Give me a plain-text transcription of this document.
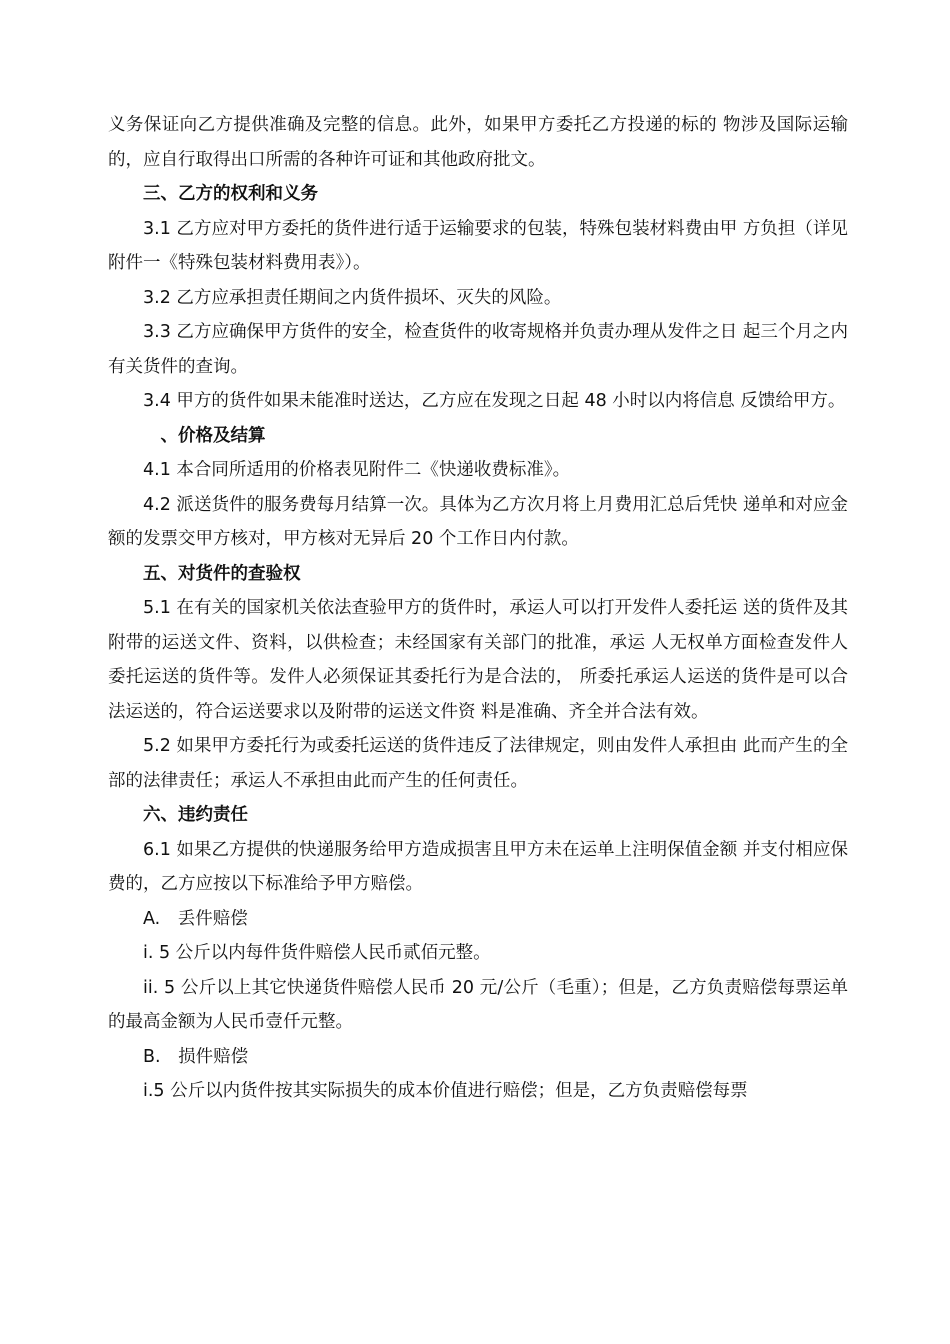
义务保证向乙方提供准确及完整的信息。此外，如果甲方委托乙方投递的标的 物涉及国际运输的，应自行取得出口所需的各种许可证和其他政府批文。

三、乙方的权利和义务

3.1 乙方应对甲方委托的货件进行适于运输要求的包装，特殊包装材料费由甲 方负担（详见附件一《特殊包装材料费用表》）。

3.2 乙方应承担责任期间之内货件损坏、灭失的风险。

3.3 乙方应确保甲方货件的安全，检查货件的收寄规格并负责办理从发件之日 起三个月之内有关货件的查询。

3.4 甲方的货件如果未能准时送达，乙方应在发现之日起 48 小时以内将信息 反馈给甲方。

　、价格及结算

4.1 本合同所适用的价格表见附件二《快递收费标准》。

4.2 派送货件的服务费每月结算一次。具体为乙方次月将上月费用汇总后凭快 递单和对应金额的发票交甲方核对，甲方核对无异后 20 个工作日内付款。

五、对货件的查验权

5.1 在有关的国家机关依法查验甲方的货件时，承运人可以打开发件人委托运 送的货件及其附带的运送文件、资料，以供检查；未经国家有关部门的批准，承运 人无权单方面检查发件人委托运送的货件等。发件人必须保证其委托行为是合法的， 所委托承运人运送的货件是可以合法运送的，符合运送要求以及附带的运送文件资 料是准确、齐全并合法有效。

5.2 如果甲方委托行为或委托运送的货件违反了法律规定，则由发件人承担由 此而产生的全部的法律责任；承运人不承担由此而产生的任何责任。

六、违约责任

6.1 如果乙方提供的快递服务给甲方造成损害且甲方未在运单上注明保值金额 并支付相应保费的，乙方应按以下标准给予甲方赔偿。

A.　丢件赔偿

i. 5 公斤以内每件货件赔偿人民币贰佰元整。

ii. 5 公斤以上其它快递货件赔偿人民币 20 元/公斤（毛重）；但是，乙方负责赔偿每票运单的最高金额为人民币壹仟元整。

B.　损件赔偿

i.5 公斤以内货件按其实际损失的成本价值进行赔偿；但是，乙方负责赔偿每票
